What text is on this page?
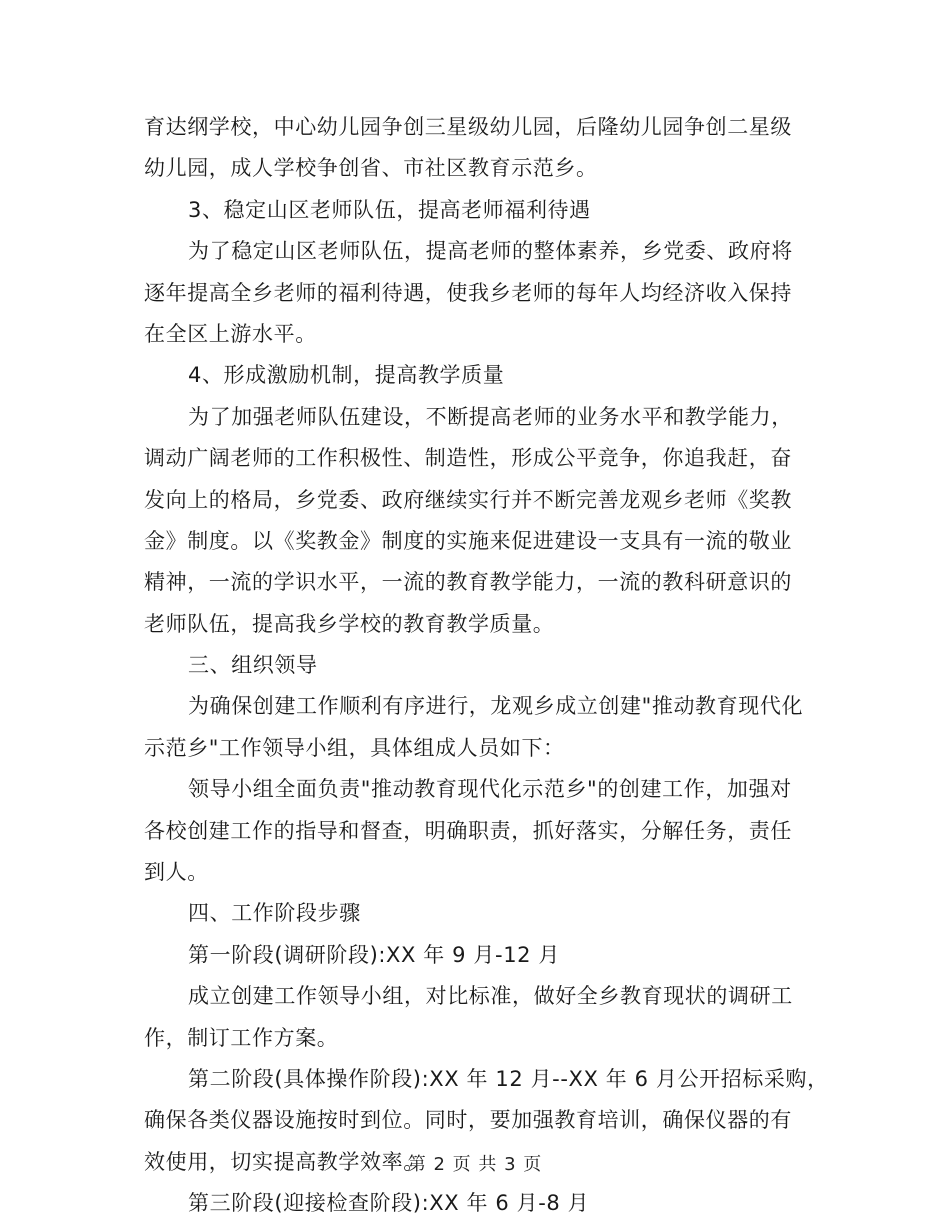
育达纲学校，中心幼儿园争创三星级幼儿园，后隆幼儿园争创二星级
幼儿园，成人学校争创省、市社区教育示范乡。
3、稳定山区老师队伍，提高老师福利待遇
为了稳定山区老师队伍，提高老师的整体素养，乡党委、政府将
逐年提高全乡老师的福利待遇，使我乡老师的每年人均经济收入保持
在全区上游水平。
4、形成激励机制，提高教学质量
为了加强老师队伍建设，不断提高老师的业务水平和教学能力，
调动广阔老师的工作积极性、制造性，形成公平竞争，你追我赶，奋
发向上的格局，乡党委、政府继续实行并不断完善龙观乡老师《奖教
金》制度。以《奖教金》制度的实施来促进建设一支具有一流的敬业
精神，一流的学识水平，一流的教育教学能力，一流的教科研意识的
老师队伍，提高我乡学校的教育教学质量。
三、组织领导
为确保创建工作顺利有序进行，龙观乡成立创建"推动教育现代化
示范乡"工作领导小组，具体组成人员如下：
领导小组全面负责"推动教育现代化示范乡"的创建工作，加强对
各校创建工作的指导和督查，明确职责，抓好落实，分解任务，责任
到人。
四、工作阶段步骤
第一阶段(调研阶段):XX 年 9 月-12 月
成立创建工作领导小组，对比标准，做好全乡教育现状的调研工
作，制订工作方案。
第二阶段(具体操作阶段):XX 年 12 月--XX 年 6 月公开招标采购，
确保各类仪器设施按时到位。同时，要加强教育培训，确保仪器的有
效使用，切实提高教学效率。
第三阶段(迎接检查阶段):XX 年 6 月-8 月
第 2 页 共 3 页
